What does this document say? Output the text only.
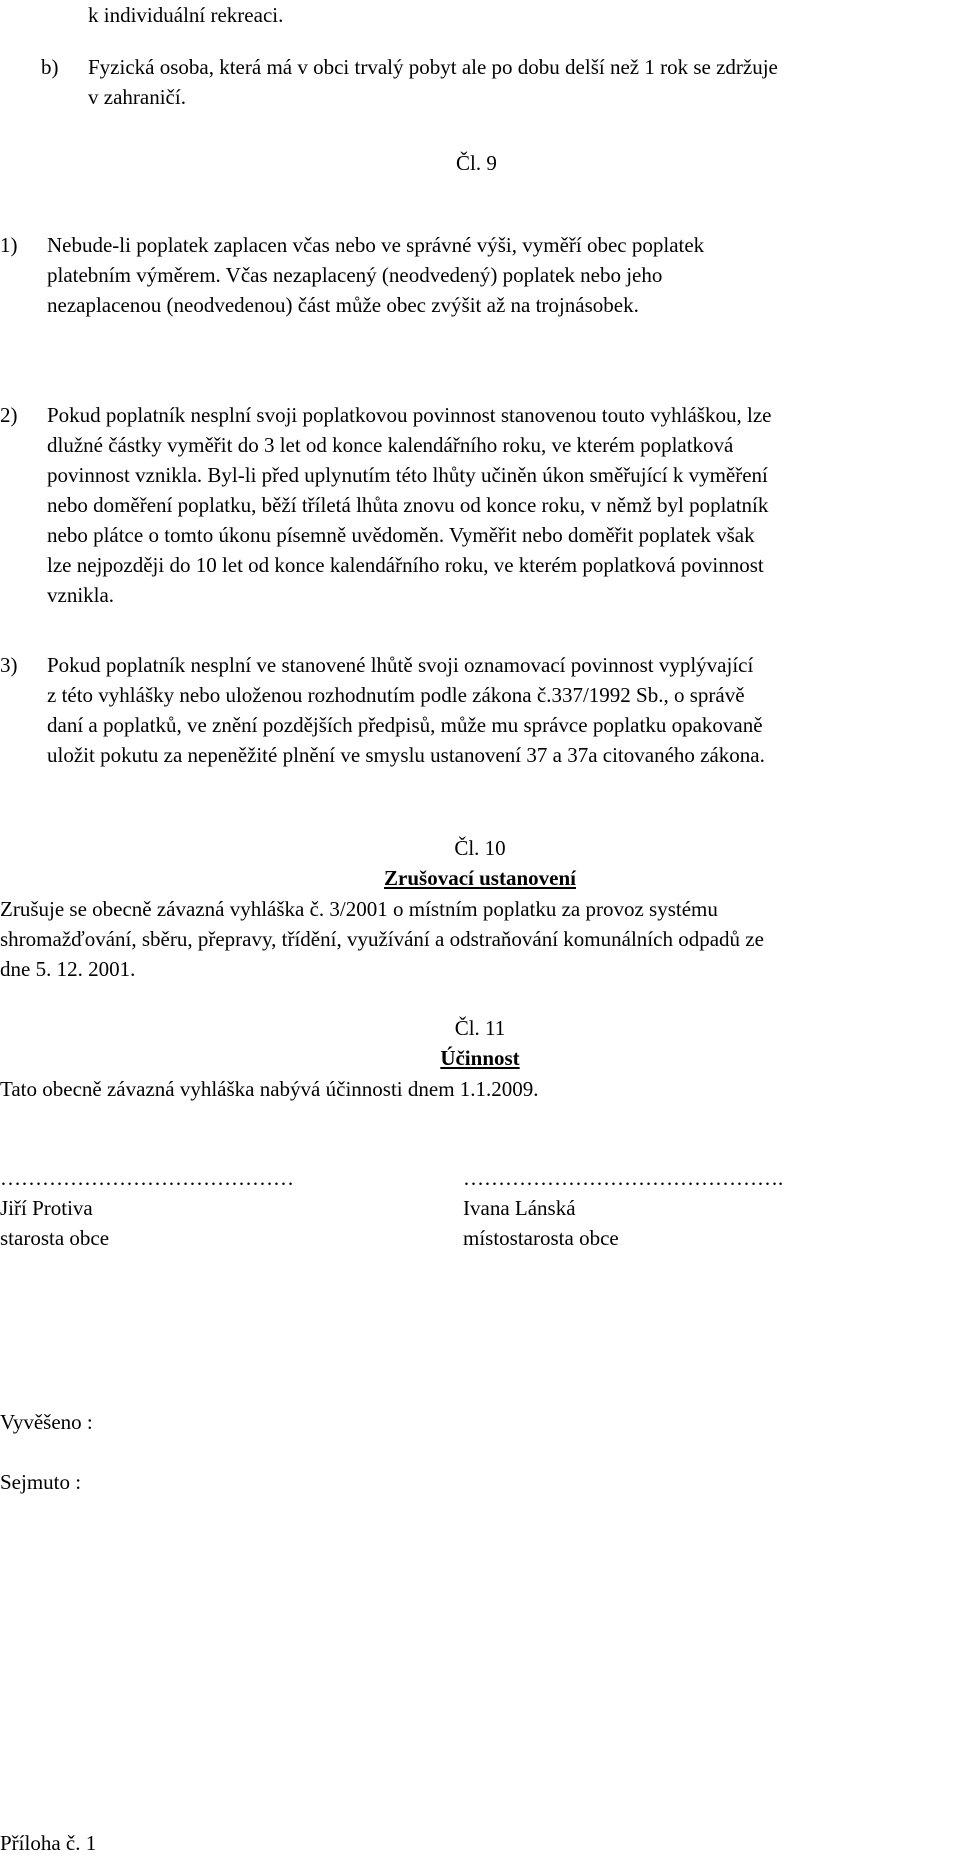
k individuální rekreaci.
b) Fyzická osoba, která má v obci trvalý pobyt ale po dobu delší než 1 rok se zdržuje
v zahraničí.
Čl. 9
1) Nebude-li poplatek zaplacen včas nebo ve správné výši, vyměří obec poplatek
platebním výměrem. Včas nezaplacený (neodvedený) poplatek nebo jeho
nezaplacenou (neodvedenou) část může obec zvýšit až na trojnásobek.
2) Pokud poplatník nesplní svoji poplatkovou povinnost stanovenou touto vyhláškou, lze
dlužné částky vyměřit do 3 let od konce kalendářního roku, ve kterém poplatková
povinnost vznikla. Byl-li před uplynutím této lhůty učiněn úkon směřující k vyměření
nebo doměření poplatku, běží tříletá lhůta znovu od konce roku, v němž byl poplatník
nebo plátce o tomto úkonu písemně uvědoměn. Vyměřit nebo doměřit poplatek však
lze nejpozději do 10 let od konce kalendářního roku, ve kterém poplatková povinnost
vznikla.
3) Pokud poplatník nesplní ve stanovené lhůtě svoji oznamovací povinnost vyplývající
z této vyhlášky nebo uloženou rozhodnutím podle zákona č.337/1992 Sb., o správě
daní a poplatků, ve znění pozdějších předpisů, může mu správce poplatku opakovaně
uložit pokutu za nepeněžité plnění ve smyslu ustanovení 37 a 37a citovaného zákona.
Čl. 10
Zrušovací ustanovení
Zrušuje se obecně závazná vyhláška č. 3/2001 o místním poplatku za provoz systému
shromažďování, sběru, přepravy, třídění, využívání a odstraňování komunálních odpadů ze
dne 5. 12. 2001.
Čl. 11
Účinnost
Tato obecně závazná vyhláška nabývá účinnosti dnem 1.1.2009.
……………………………………
Jiří Protiva
starosta obce
……………………………………….
Ivana Lánská
místostarosta obce
Vyvěšeno :
Sejmuto :
Příloha č. 1
